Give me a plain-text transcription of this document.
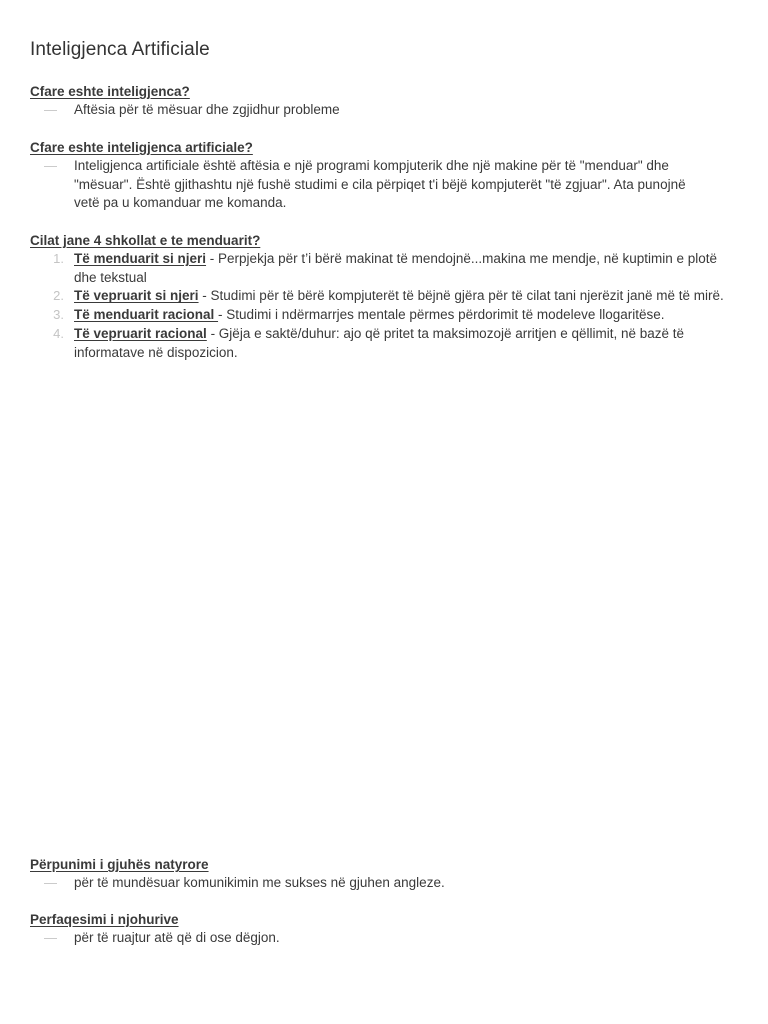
Inteligjenca Artificiale

Cfare eshte inteligjenca?

— Aftësia për të mësuar dhe zgjidhur probleme

Cfare eshte inteligjenca artificiale?

— Inteligjenca artificiale është aftësia e një programi kompjuterik dhe një makine për të "menduar" dhe "mësuar". Është gjithashtu një fushë studimi e cila përpiqet t'i bëjë kompjuterët "të zgjuar". Ata punojnë vetë pa u komanduar me komanda.

Cilat jane 4 shkollat e te menduarit?

1. Të menduarit si njeri - Perpjekja për t’i bërë makinat të mendojnë...makina me mendje, në kuptimin e plotë dhe tekstual
2. Të vepruarit si njeri - Studimi për të bërë kompjuterët të bëjnë gjëra për të cilat tani njerëzit janë më të mirë.
3. Të menduarit racional - Studimi i ndërmarrjes mentale përmes përdorimit të modeleve llogaritëse.
4. Të vepruarit racional - Gjëja e saktë/duhur: ajo që pritet ta maksimozojë arritjen e qëllimit, në bazë të informatave në dispozicion.

Përpunimi i gjuhës natyrore

— për të mundësuar komunikimin me sukses në gjuhen angleze.

Perfaqesimi i njohurive

— për të ruajtur atë që di ose dëgjon.
